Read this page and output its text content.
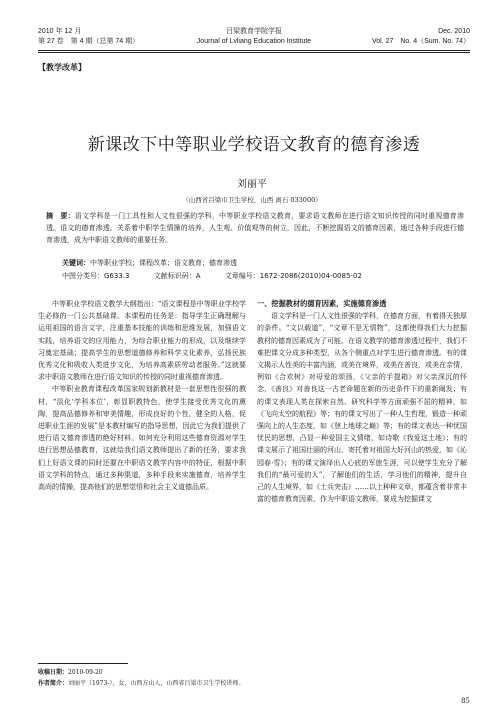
2010 年 12 月
第 27 卷　第 4 期（总第 74 期）
吕梁教育学院学报
Journal of Lvliang Education Institute
Dec. 2010
Vol. 27　No. 4（Sum. No. 74）
【教学改革】
新课改下中等职业学校语文教育的德育渗透
刘丽平
（山西省吕梁市卫生学校，山西 离石 033000）
摘　要：语文学科是一门工具性和人文性很强的学科，中等职业学校语文教育，要求语文教师在进行语文知识传授的同时重视德育渗透。语文的德育渗透，关系着中职学生情操的培养，人生观、价值观等的树立，因此，不断挖掘语文的德育因素，通过各种手段进行德育渗透，成为中职语文教师的重要任务。
关键词：中等职业学校；课程改革；语文教育；德育渗透
中图分类号：G633.3	文献标识码：A	文章编号：1672-2086(2010)04-0085-02

中等职业学校语文教学大纲指出：“语文课程是中等职业学校学生必修的一门公共基础课。本课程的任务是：指导学生正确理解与运用祖国的语言文字，注重基本技能的训练和思维发展，加强语文实践，培养语文的应用能力，为综合职业能力的形成，以及继续学习奠定基础；提高学生的思想道德修养和科学文化素养，弘扬民族优秀文化和吸收人类进步文化，为培养高素质劳动者服务。”这就要求中职语文教师在进行语文知识的传授的同时重视德育渗透。

中等职业教育课程改革国家规划新教材是一套思想性很强的教材，“淡化‘学科本位’，彰显职教特色，使学生接受优秀文化的熏陶，提高品德修养和审美情趣，形成良好的个性，健全的人格，促进职业生涯的发展”是本教材编写的指导思想，因此它为我们提供了进行语文德育渗透的绝好材料。如何充分利用这些德育资源对学生进行思想品德教育，这就给我们语文教师提出了新的任务，要求我们上好语文课的同时还要在中职语文教学内容中的特征，根据中职语文学科的特点，通过多种渠道，多种手段来实施德育，培养学生高尚的情操，提高他们的思想觉悟和社会主义道德品质。

一、挖掘教材的德育因素，实施德育渗透

语文学科是一门人文性很强的学科，在德育方面，有着得天独厚的条件。“文以载道”，“文章不是无情物”，这都使得我们大力挖掘教材的德育因素成为了可能。在语文教学的德育渗透过程中，我们不难把课文分成多种类型，从各个侧重点对学生进行德育渗透。有的课文揭示人性美的丰富内涵，或美在境界，或美在善良，或美在亲情，例如《合欢树》对母爱的颂扬，《父亲的手提箱》对父亲深沉的怀念，《善良》对善良这一古老命题在新的历史条件下的重新阐发；有的课文表现人类在探索自然、研究科学等方面顽强不屈的精神，如《飞向太空的航程》等；有的课文写出了一种人生哲理，锻造一种顽强向上的人生态度，如《登上地球之巅》等；有的课文表达一种忧国忧民的思想，凸显一种爱国主义情绪，如诗歌《我爱这土地》；有的课文展示了祖国壮丽的河山，寄托着对祖国大好河山的热爱，如《沁园春·雪》；有的课文演绎出人心底的军旅生涯，可以使学生充分了解我们的“最可爱的人”，了解他们的生活，学习他们的精神，提升自己的人生境界，如《士兵突击》……以上种种文章，都蕴含着非常丰富的德育教育因素，作为中职语文教师，要成为挖掘课文

收稿日期：2010-09-20
作者简介：刘丽平（1973-），女，山西方山人，山西省吕梁市卫生学校讲师。
85
